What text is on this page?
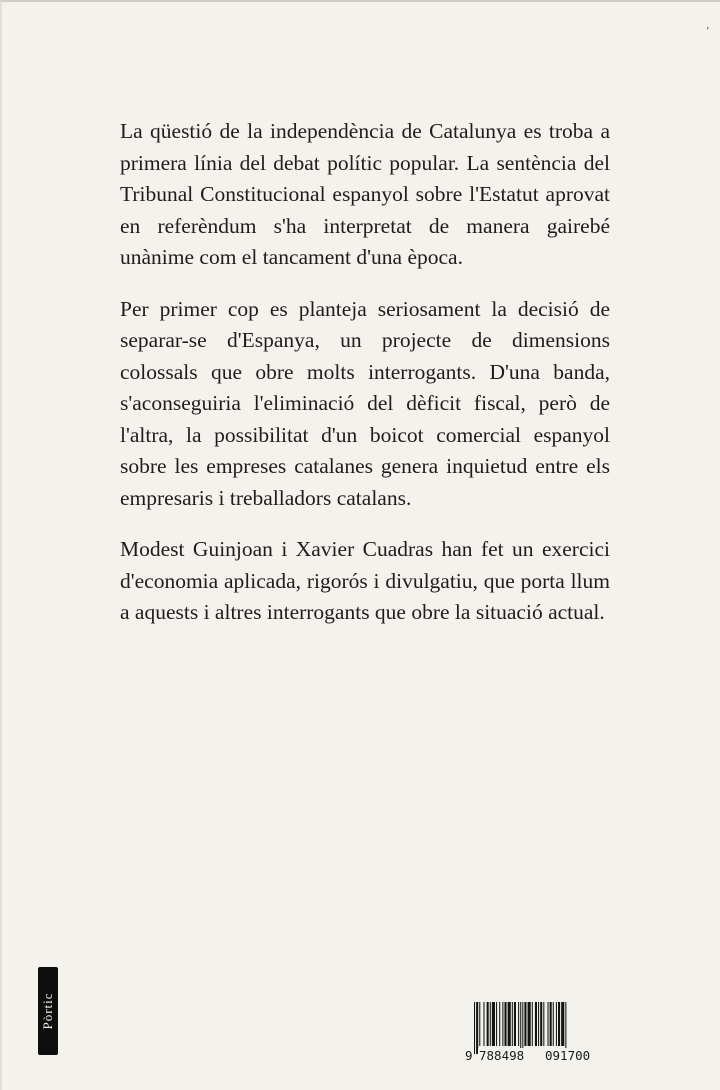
’

La qüestió de la independència de Catalunya es troba a primera línia del debat polític popular. La sentència del Tribunal Constitucional espanyol sobre l'Estatut aprovat en referèndum s'ha interpretat de manera gairebé unànime com el tancament d'una època.

Per primer cop es planteja seriosament la decisió de separar-se d'Espanya, un projecte de dimensions colossals que obre molts interrogants. D'una banda, s'aconseguiria l'eliminació del dèficit fiscal, però de l'altra, la possibilitat d'un boicot comercial espanyol sobre les empreses catalanes genera inquietud entre els empresaris i treballadors catalans.

Modest Guinjoan i Xavier Cuadras han fet un exercici d'economia aplicada, rigorós i divulgatiu, que porta llum a aquests i altres interrogants que obre la situació actual.

Pòrtic

9

788498

091700
